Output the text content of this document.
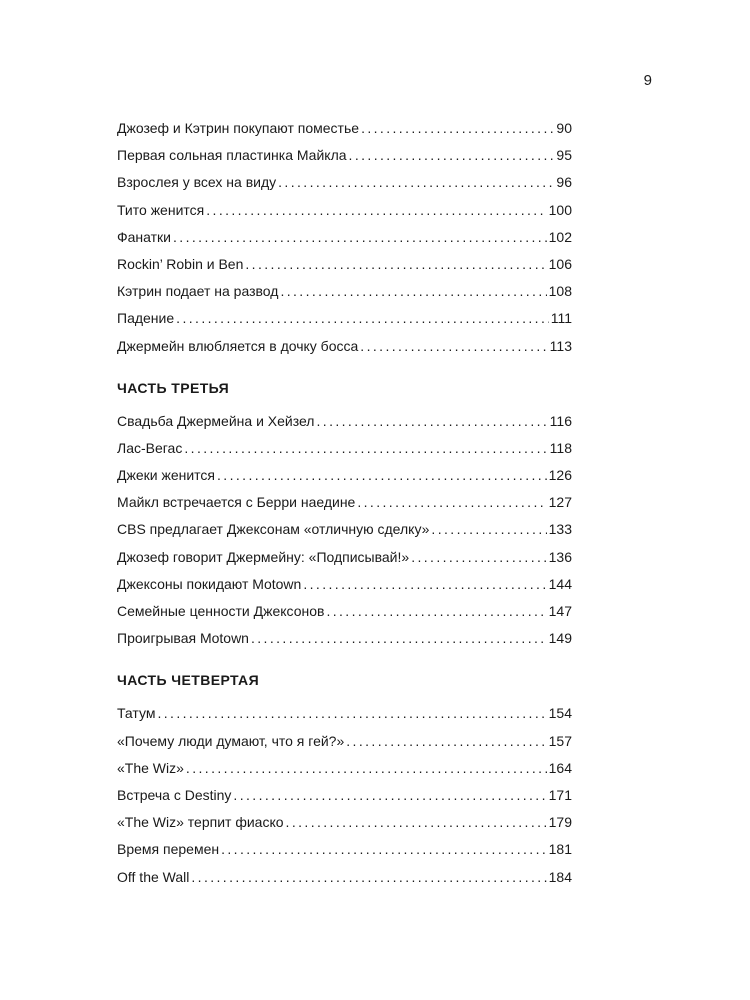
9
Джозеф и Кэтрин покупают поместье .....	90
Первая сольная пластинка Майкла .....	95
Взрослея у всех на виду .....	96
Тито женится .....	100
Фанатки .....	102
Rockin’ Robin и Ben .....	106
Кэтрин подает на развод .....	108
Падение .....	111
Джермейн влюбляется в дочку босса .....	113
ЧАСТЬ ТРЕТЬЯ
Свадьба Джермейна и Хейзел .....	116
Лас-Вегас .....	118
Джеки женится .....	126
Майкл встречается с Берри наедине .....	127
CBS предлагает Джексонам «отличную сделку» .....	133
Джозеф говорит Джермейну: «Подписывай!» .....	136
Джексоны покидают Motown .....	144
Семейные ценности Джексонов .....	147
Проигрывая Motown .....	149
ЧАСТЬ ЧЕТВЕРТАЯ
Татум .....	154
«Почему люди думают, что я гей?» .....	157
«The Wiz» .....	164
Встреча с Destiny .....	171
«The Wiz» терпит фиаско .....	179
Время перемен .....	181
Off the Wall .....	184
